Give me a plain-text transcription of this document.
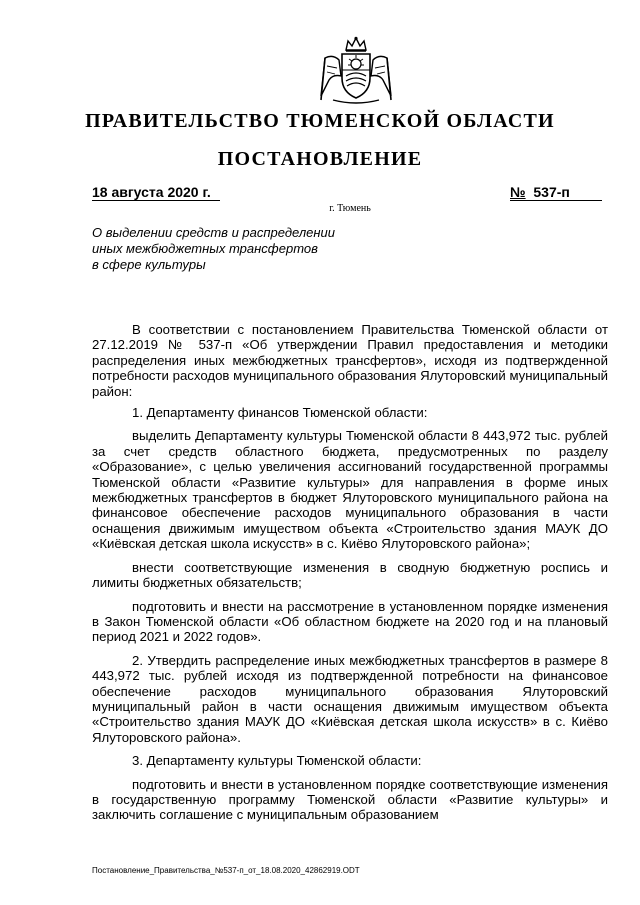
ПРАВИТЕЛЬСТВО ТЮМЕНСКОЙ ОБЛАСТИ
ПОСТАНОВЛЕНИЕ
18 августа 2020 г.	№ 537-п
г. Тюмень
О выделении средств и распределении
иных межбюджетных трансфертов
в сфере культуры

В соответствии с постановлением Правительства Тюменской области от 27.12.2019 № 537-п «Об утверждении Правил предоставления и методики распределения иных межбюджетных трансфертов», исходя из подтвержденной потребности расходов муниципального образования Ялуторовский муниципальный район:

1. Департаменту финансов Тюменской области:

выделить Департаменту культуры Тюменской области 8 443,972 тыс. рублей за счет средств областного бюджета, предусмотренных по разделу «Образование», с целью увеличения ассигнований государственной программы Тюменской области «Развитие культуры» для направления в форме иных межбюджетных трансфертов в бюджет Ялуторовского муниципального района на финансовое обеспечение расходов муниципального образования в части оснащения движимым имуществом объекта «Строительство здания МАУК ДО «Киёвская детская школа искусств» в с. Киёво Ялуторовского района»;

внести соответствующие изменения в сводную бюджетную роспись и лимиты бюджетных обязательств;

подготовить и внести на рассмотрение в установленном порядке изменения в Закон Тюменской области «Об областном бюджете на 2020 год и на плановый период 2021 и 2022 годов».

2. Утвердить распределение иных межбюджетных трансфертов в размере 8 443,972 тыс. рублей исходя из подтвержденной потребности на финансовое обеспечение расходов муниципального образования Ялуторовский муниципальный район в части оснащения движимым имуществом объекта «Строительство здания МАУК ДО «Киёвская детская школа искусств» в с. Киёво Ялуторовского района».

3. Департаменту культуры Тюменской области:

подготовить и внести в установленном порядке соответствующие изменения в государственную программу Тюменской области «Развитие культуры» и заключить соглашение с муниципальным образованием

Постановление_Правительства_№537-п_от_18.08.2020_42862919.ODT
